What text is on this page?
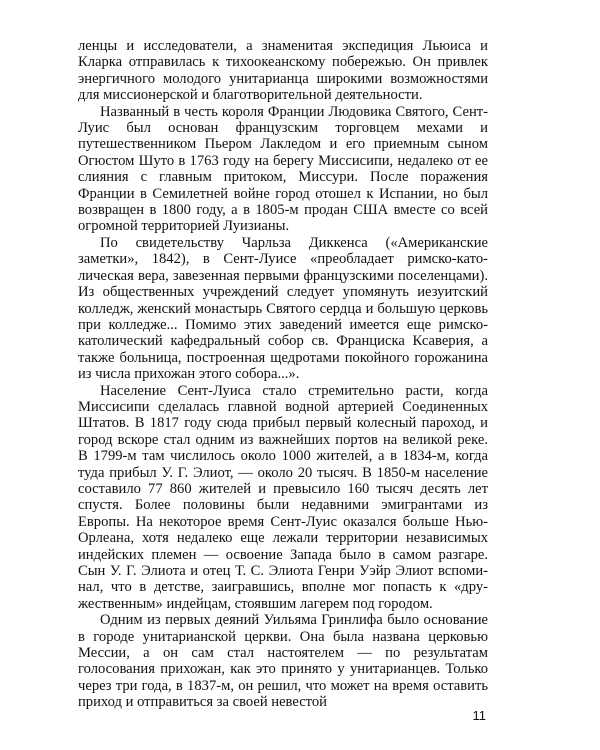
ленцы и исследователи, а знаменитая экспедиция Льюиса и Кларка отправилась к тихоокеанскому побережью. Он привлек энергичного молодого унитарианца широкими возможностями для миссионерской и благотворительной деятельности.

Названный в честь короля Франции Людовика Святого, Сент-Луис был основан французским торговцем мехами и путешественником Пьером Лакледом и его приемным сыном Огюстом Шуто в 1763 году на берегу Миссисипи, недалеко от ее слияния с главным притоком, Миссури. После поражения Франции в Семилетней войне город отошел к Испании, но был возвращен в 1800 году, а в 1805-м продан США вместе со всей огромной территорией Луизианы.

По свидетельству Чарльза Диккенса («Американские заметки», 1842), в Сент-Луисе «преобладает римско-католическая вера, завезенная первыми французскими поселенцами). Из общественных учреждений следует упомянуть иезуитский колледж, женский монастырь Святого сердца и большую церковь при колледже... Помимо этих заведений имеется еще римско-католический кафедральный собор св. Франциска Ксаверия, а также больница, построенная щедротами покойного горожанина из числа прихожан этого собора...».

Население Сент-Луиса стало стремительно расти, когда Миссисипи сделалась главной водной артерией Соединенных Штатов. В 1817 году сюда прибыл первый колесный пароход, и город вскоре стал одним из важнейших портов на великой реке. В 1799-м там числилось около 1000 жителей, а в 1834-м, когда туда прибыл У. Г. Элиот, — около 20 тысяч. В 1850-м население составило 77 860 жителей и превысило 160 тысяч десять лет спустя. Более половины были недавними эмигрантами из Европы. На некоторое время Сент-Луис оказался больше Нью-Орлеана, хотя недалеко еще лежали территории независимых индейских племен — освоение Запада было в самом разгаре. Сын У. Г. Элиота и отец Т. С. Элиота Генри Уэйр Элиот вспоминал, что в детстве, заигравшись, вполне мог попасть к «дружественным» индейцам, стоявшим лагерем под городом.

Одним из первых деяний Уильяма Гринлифа было основание в городе унитарианской церкви. Она была названа церковью Мессии, а он сам стал настоятелем — по результатам голосования прихожан, как это принято у унитарианцев. Только через три года, в 1837-м, он решил, что может на время оставить приход и отправиться за своей невестой

11
